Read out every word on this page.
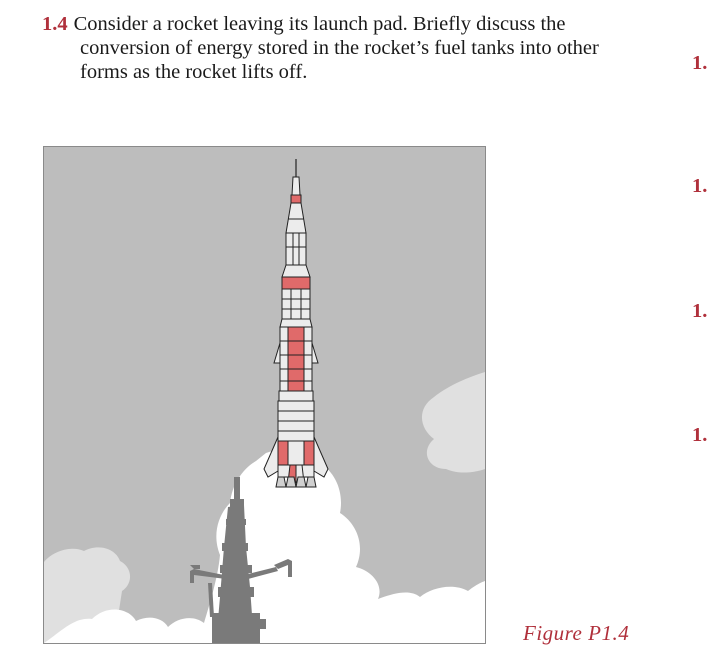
1.4 Consider a rocket leaving its launch pad. Briefly discuss the
conversion of energy stored in the rocket’s fuel tanks into other
forms as the rocket lifts off.	1.
1.
1.
1.
Figure P1.4
